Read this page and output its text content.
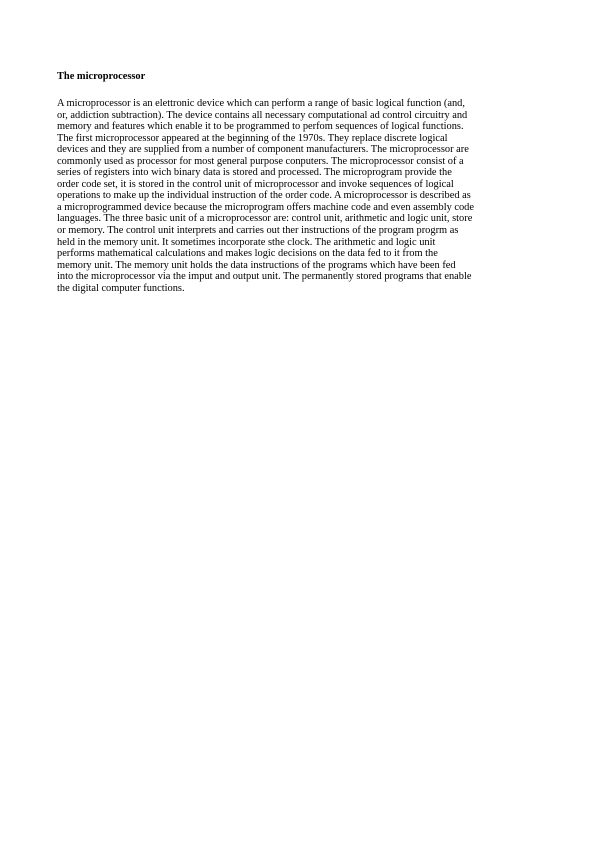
The microprocessor
A microprocessor is an elettronic device which can perform a range of basic logical function (and,
or, addiction subtraction). The device contains all necessary computational ad control circuitry and
memory and features which enable it to be programmed to perfom sequences of logical functions.
The first microprocessor appeared at the beginning of the 1970s. They replace discrete logical
devices and they are supplied from a number of component manufacturers. The microprocessor are
commonly used as processor for most general purpose conputers. The microprocessor consist of a
series of registers into wich binary data is stored and processed. The microprogram provide the
order code set, it is stored in the control unit of microprocessor and invoke sequences of logical
operations to make up the individual instruction of the order code. A microprocessor is described as
a microprogrammed device because the microprogram offers machine code and even assembly code
languages. The three basic unit of a microprocessor are: control unit, arithmetic and logic unit, store
or memory. The control unit interprets and carries out ther instructions of the program progrm as
held in the memory unit. It sometimes incorporate sthe clock. The arithmetic and logic unit
performs mathematical calculations and makes logic decisions on the data fed to it from the
memory unit. The memory unit holds the data instructions of the programs which have been fed
into the microprocessor via the imput and output unit. The permanently stored programs that enable
the digital computer functions.
